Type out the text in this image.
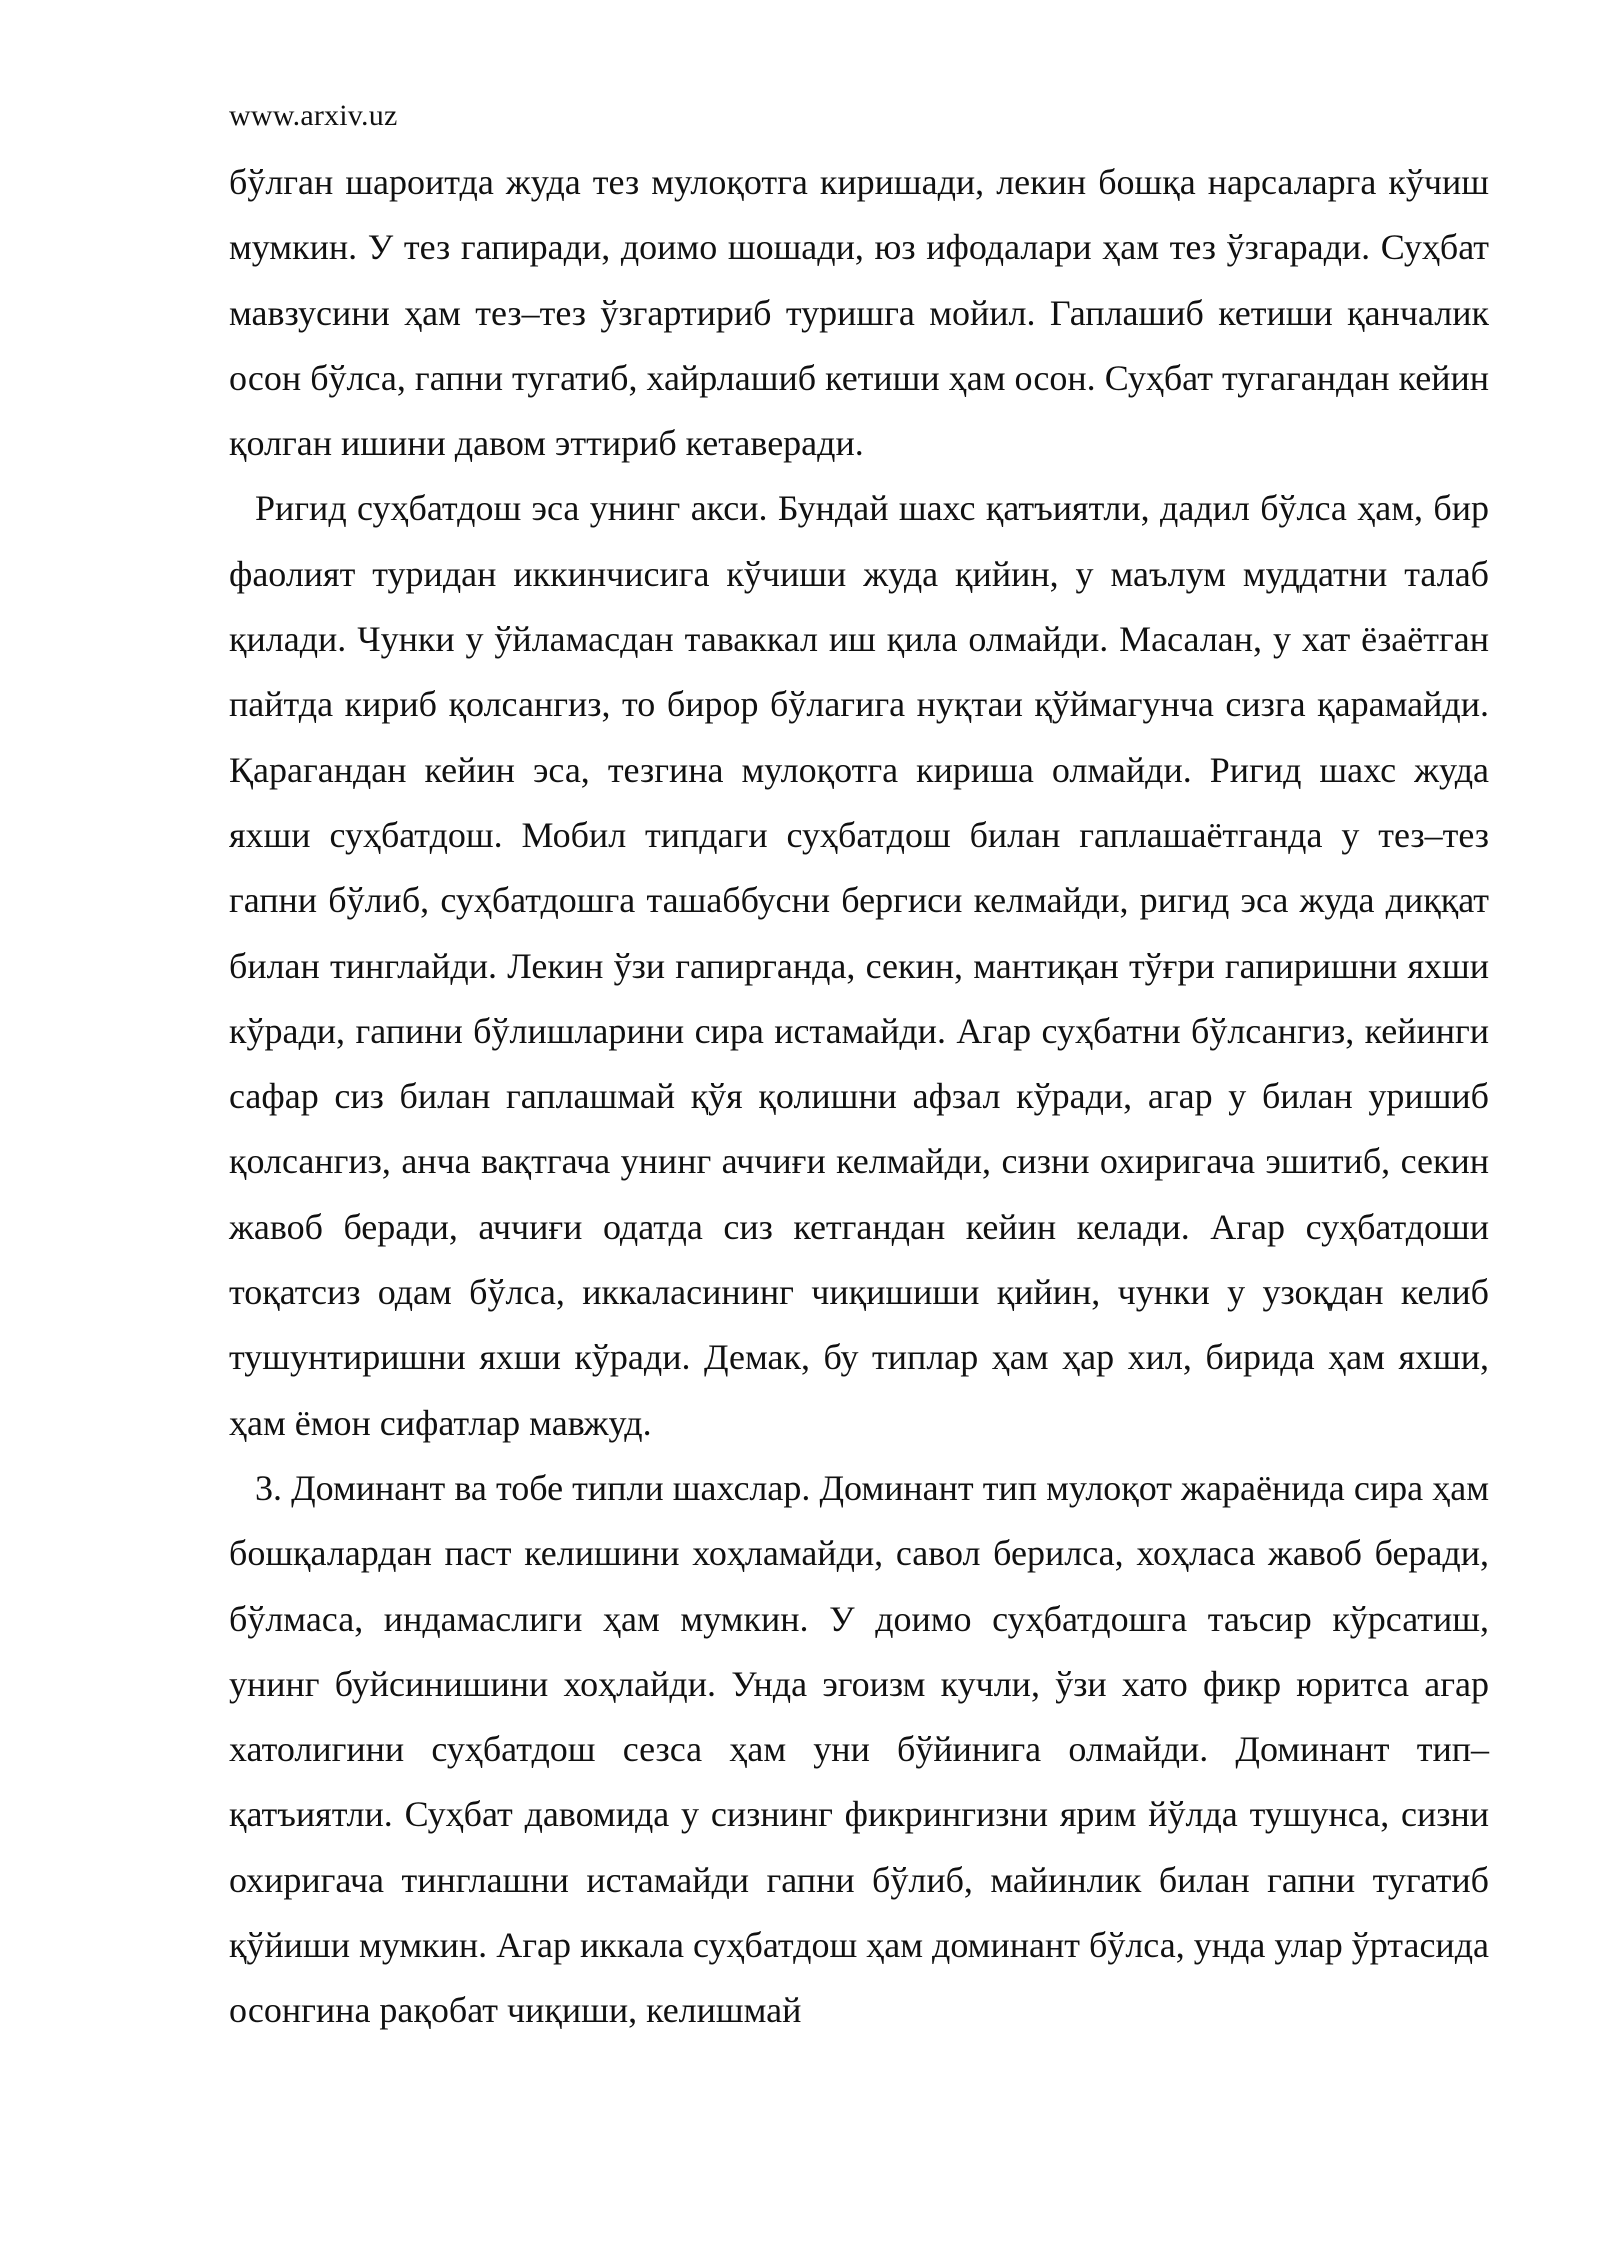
www.arxiv.uz

бўлган шароитда жуда тез мулоқотга киришади, лекин бошқа нарсаларга кўчиш мумкин. У тез гапиради, доимо шошади, юз ифодалари ҳам тез ўзгаради. Суҳбат мавзусини ҳам тез–тез ўзгартириб туришга мойил. Гаплашиб кетиши қанчалик осон бўлса, гапни тугатиб, хайрлашиб кетиши ҳам осон. Суҳбат тугагандан кейин қолган ишини давом эттириб кетаверади.

Ригид суҳбатдош эса унинг акси. Бундай шахс қатъиятли, дадил бўлса ҳам, бир фаолият туридан иккинчисига кўчиши жуда қийин, у маълум муддатни талаб қилади. Чунки у ўйламасдан таваккал иш қила олмайди. Масалан, у хат ёзаётган пайтда кириб қолсангиз, то бирор бўлагига нуқтаи қўймагунча сизга қарамайди. Қарагандан кейин эса, тезгина мулоқотга кириша олмайди. Ригид шахс жуда яхши суҳбатдош. Мобил типдаги суҳбатдош билан гаплашаётганда у тез–тез гапни бўлиб, суҳбатдошга ташаббусни бергиси келмайди, ригид эса жуда диққат билан тинглайди. Лекин ўзи гапирганда, секин, мантиқан тўғри гапиришни яхши кўради, гапини бўлишларини сира истамайди. Агар суҳбатни бўлсангиз, кейинги сафар сиз билан гаплашмай қўя қолишни афзал кўради, агар у билан уришиб қолсангиз, анча вақтгача унинг аччиғи келмайди, сизни охиригача эшитиб, секин жавоб беради, аччиғи одатда сиз кетгандан кейин келади. Агар суҳбатдоши тоқатсиз одам бўлса, иккаласининг чиқишиши қийин, чунки у узоқдан келиб тушунтиришни яхши кўради. Демак, бу типлар ҳам ҳар хил, бирида ҳам яхши, ҳам ёмон сифатлар мавжуд.

3. Доминант ва тобе типли шахслар. Доминант тип мулоқот жараёнида сира ҳам бошқалардан паст келишини хоҳламайди, савол берилса, хоҳласа жавоб беради, бўлмаса, индамаслиги ҳам мумкин. У доимо суҳбатдошга таъсир кўрсатиш, унинг буйсинишини хоҳлайди. Унда эгоизм кучли, ўзи хато фикр юритса агар хатолигини суҳбатдош сезса ҳам уни бўйинига олмайди. Доминант тип–қатъиятли. Суҳбат давомида у сизнинг фикрингизни ярим йўлда тушунса, сизни охиригача тинглашни истамайди гапни бўлиб, майинлик билан гапни тугатиб қўйиши мумкин. Агар иккала суҳбатдош ҳам доминант бўлса, унда улар ўртасида осонгина рақобат чиқиши, келишмай
